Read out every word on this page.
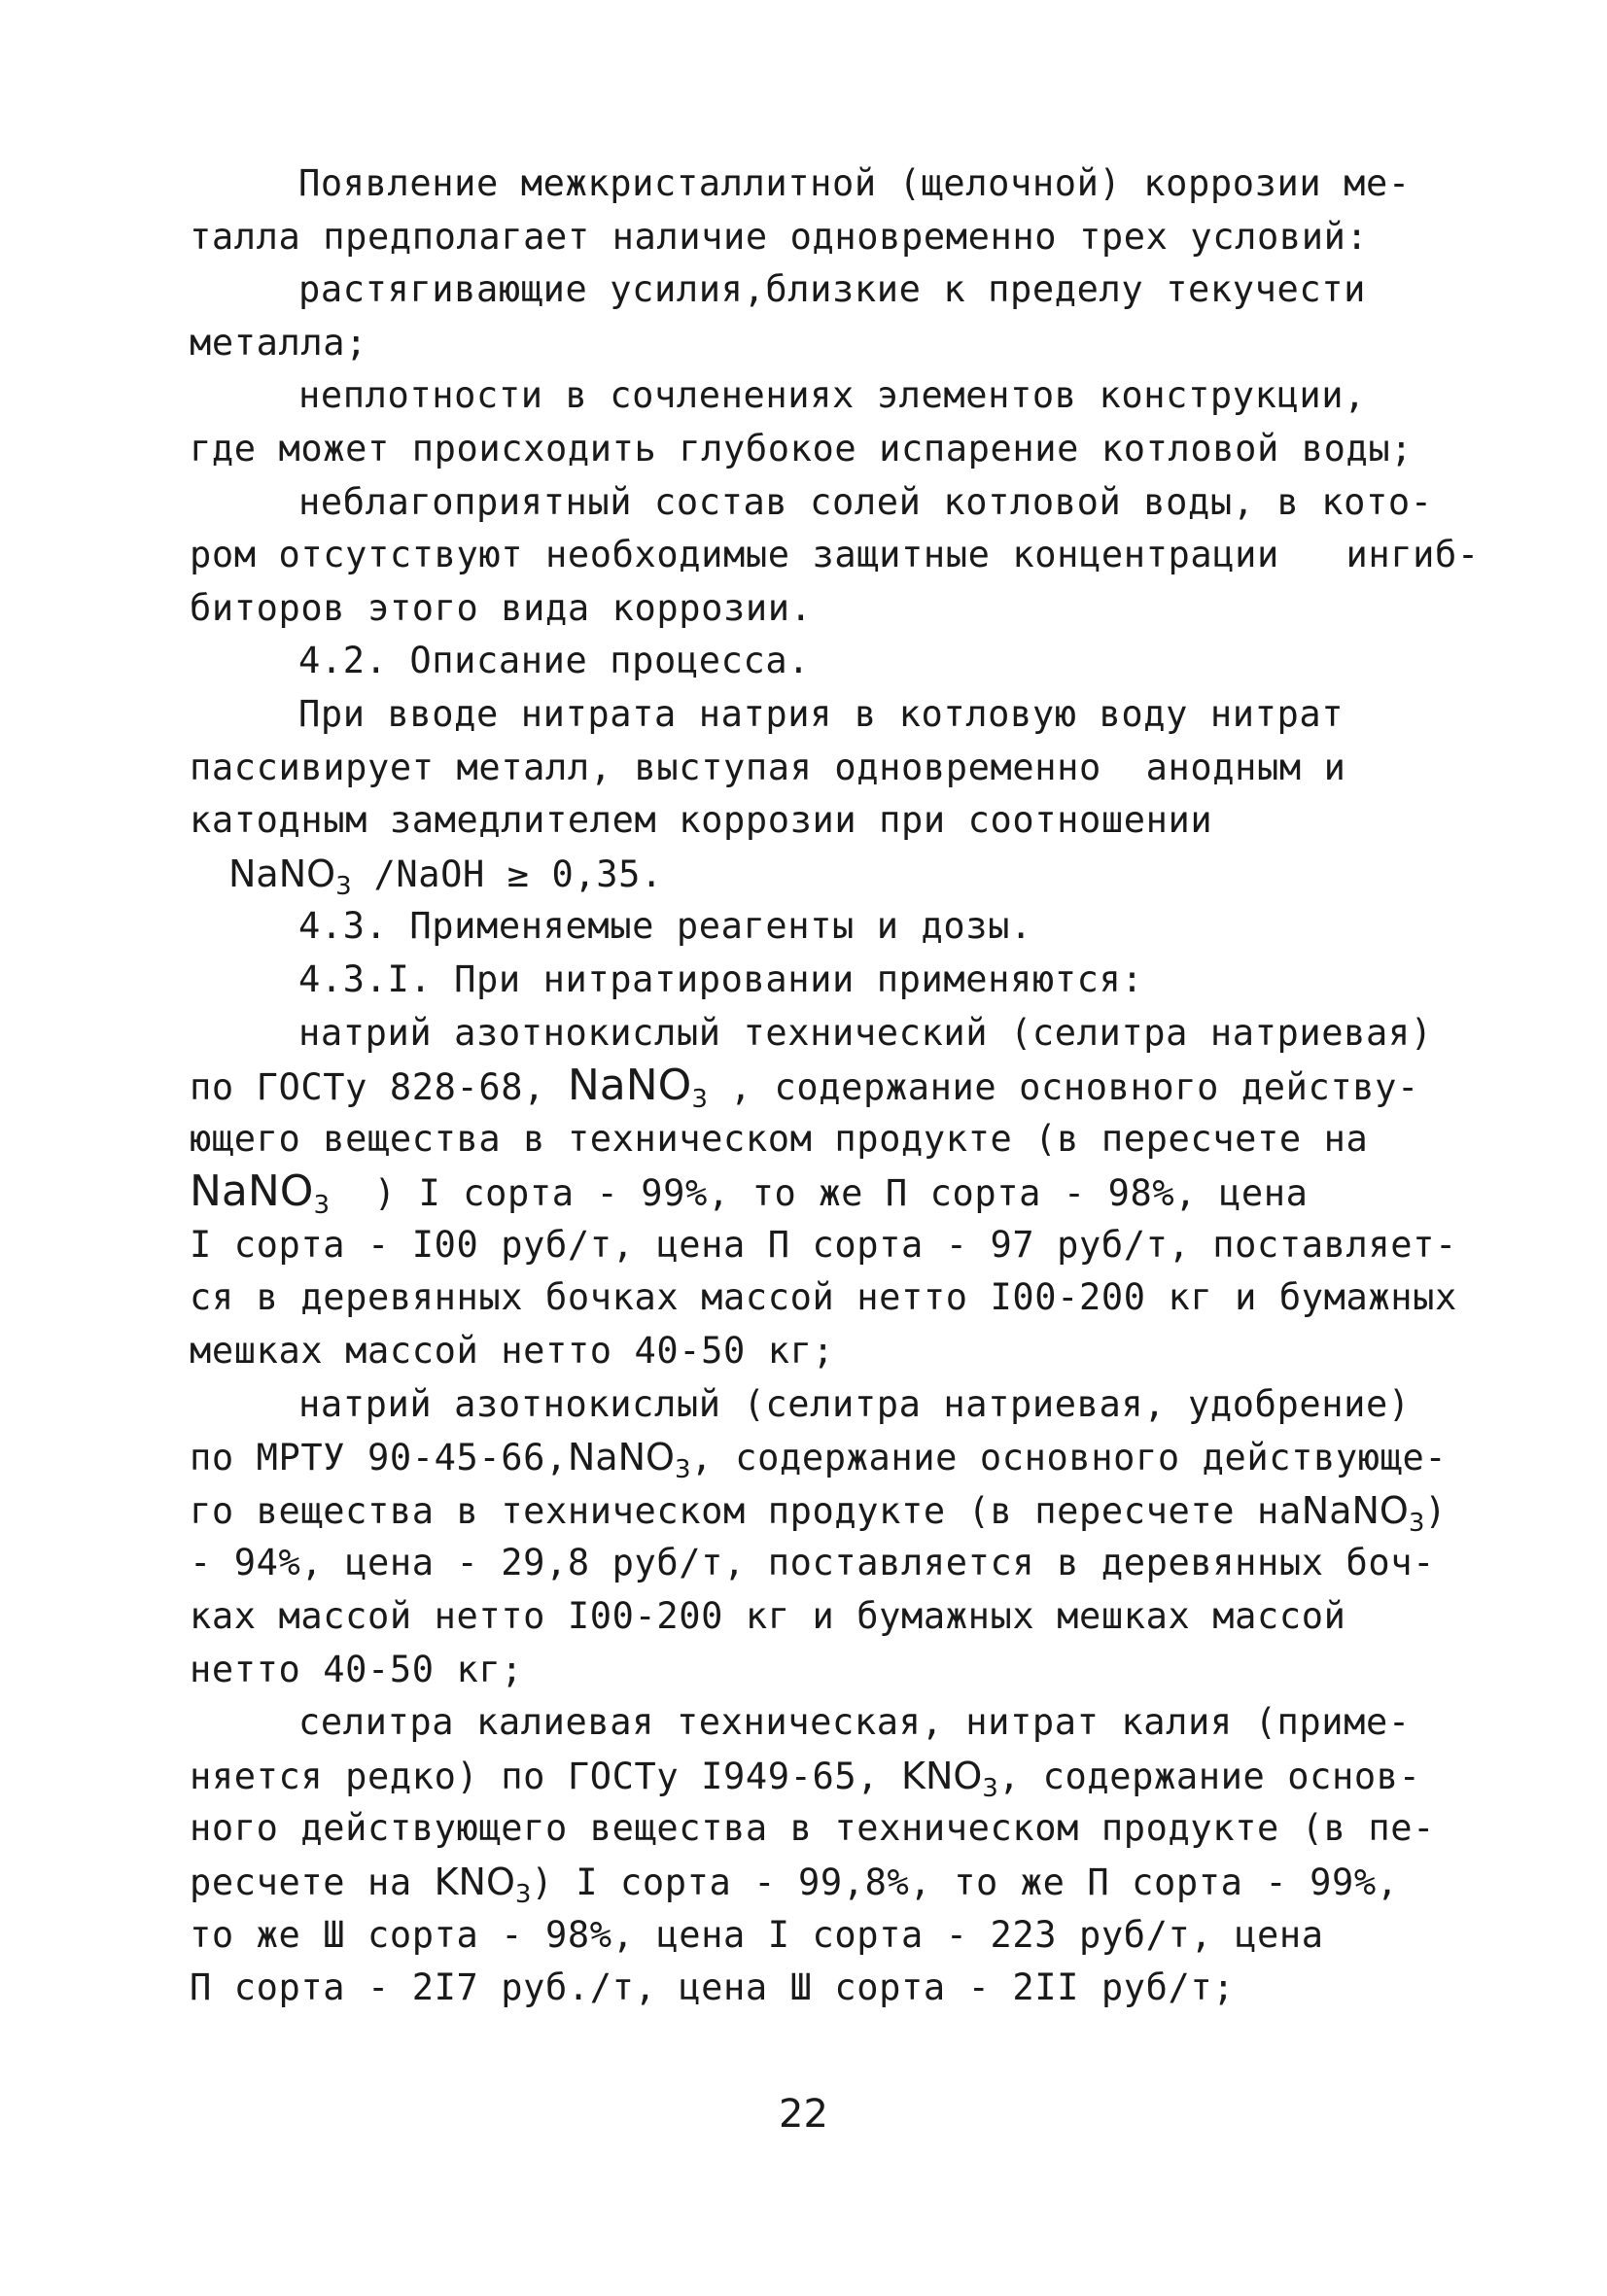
Появление межкристаллитной (щелочной) коррозии ме-
талла предполагает наличие одновременно трех условий:
растягивающие усилия,близкие к пределу текучести
металла;
неплотности в сочленениях элементов конструкции,
где может происходить глубокое испарение котловой воды;
неблагоприятный состав солей котловой воды, в кото-
ром отсутствуют необходимые защитные концентрации   ингиб-
биторов этого вида коррозии.
4.2. Описание процесса.
При вводе нитрата натрия в котловую воду нитрат
пассивирует металл, выступая одновременно  анодным и
катодным замедлителем коррозии при соотношении
NaNO$_3$ /NaOH ≥ 0,35.
4.3. Применяемые реагенты и дозы.
4.3.I. При нитратировании применяются:
натрий азотнокислый технический (селитра натриевая)
по ГОСТу 828-68, NaNO$_3$ , содержание основного действу-
ющего вещества в техническом продукте (в пересчете на
NaNO$_3$  ) I сорта - 99%, то же П сорта - 98%, цена
I сорта - I00 руб/т, цена П сорта - 97 руб/т, поставляет-
ся в деревянных бочках массой нетто I00-200 кг и бумажных
мешках массой нетто 40-50 кг;
натрий азотнокислый (селитра натриевая, удобрение)
по МРТУ 90-45-66,NaNO$_3$, содержание основного действующе-
го вещества в техническом продукте (в пересчете наNaNO$_3$)
- 94%, цена - 29,8 руб/т, поставляется в деревянных боч-
ках массой нетто I00-200 кг и бумажных мешках массой
нетто 40-50 кг;
селитра калиевая техническая, нитрат калия (приме-
няется редко) по ГОСТу I949-65, $KNO_3$, содержание основ-
ного действующего вещества в техническом продукте (в пе-
ресчете на $KNO_3$) I сорта - 99,8%, то же П сорта - 99%,
то же Ш сорта - 98%, цена I сорта - 223 руб/т, цена
П сорта - 2I7 руб./т, цена Ш сорта - 2II руб/т;
22
